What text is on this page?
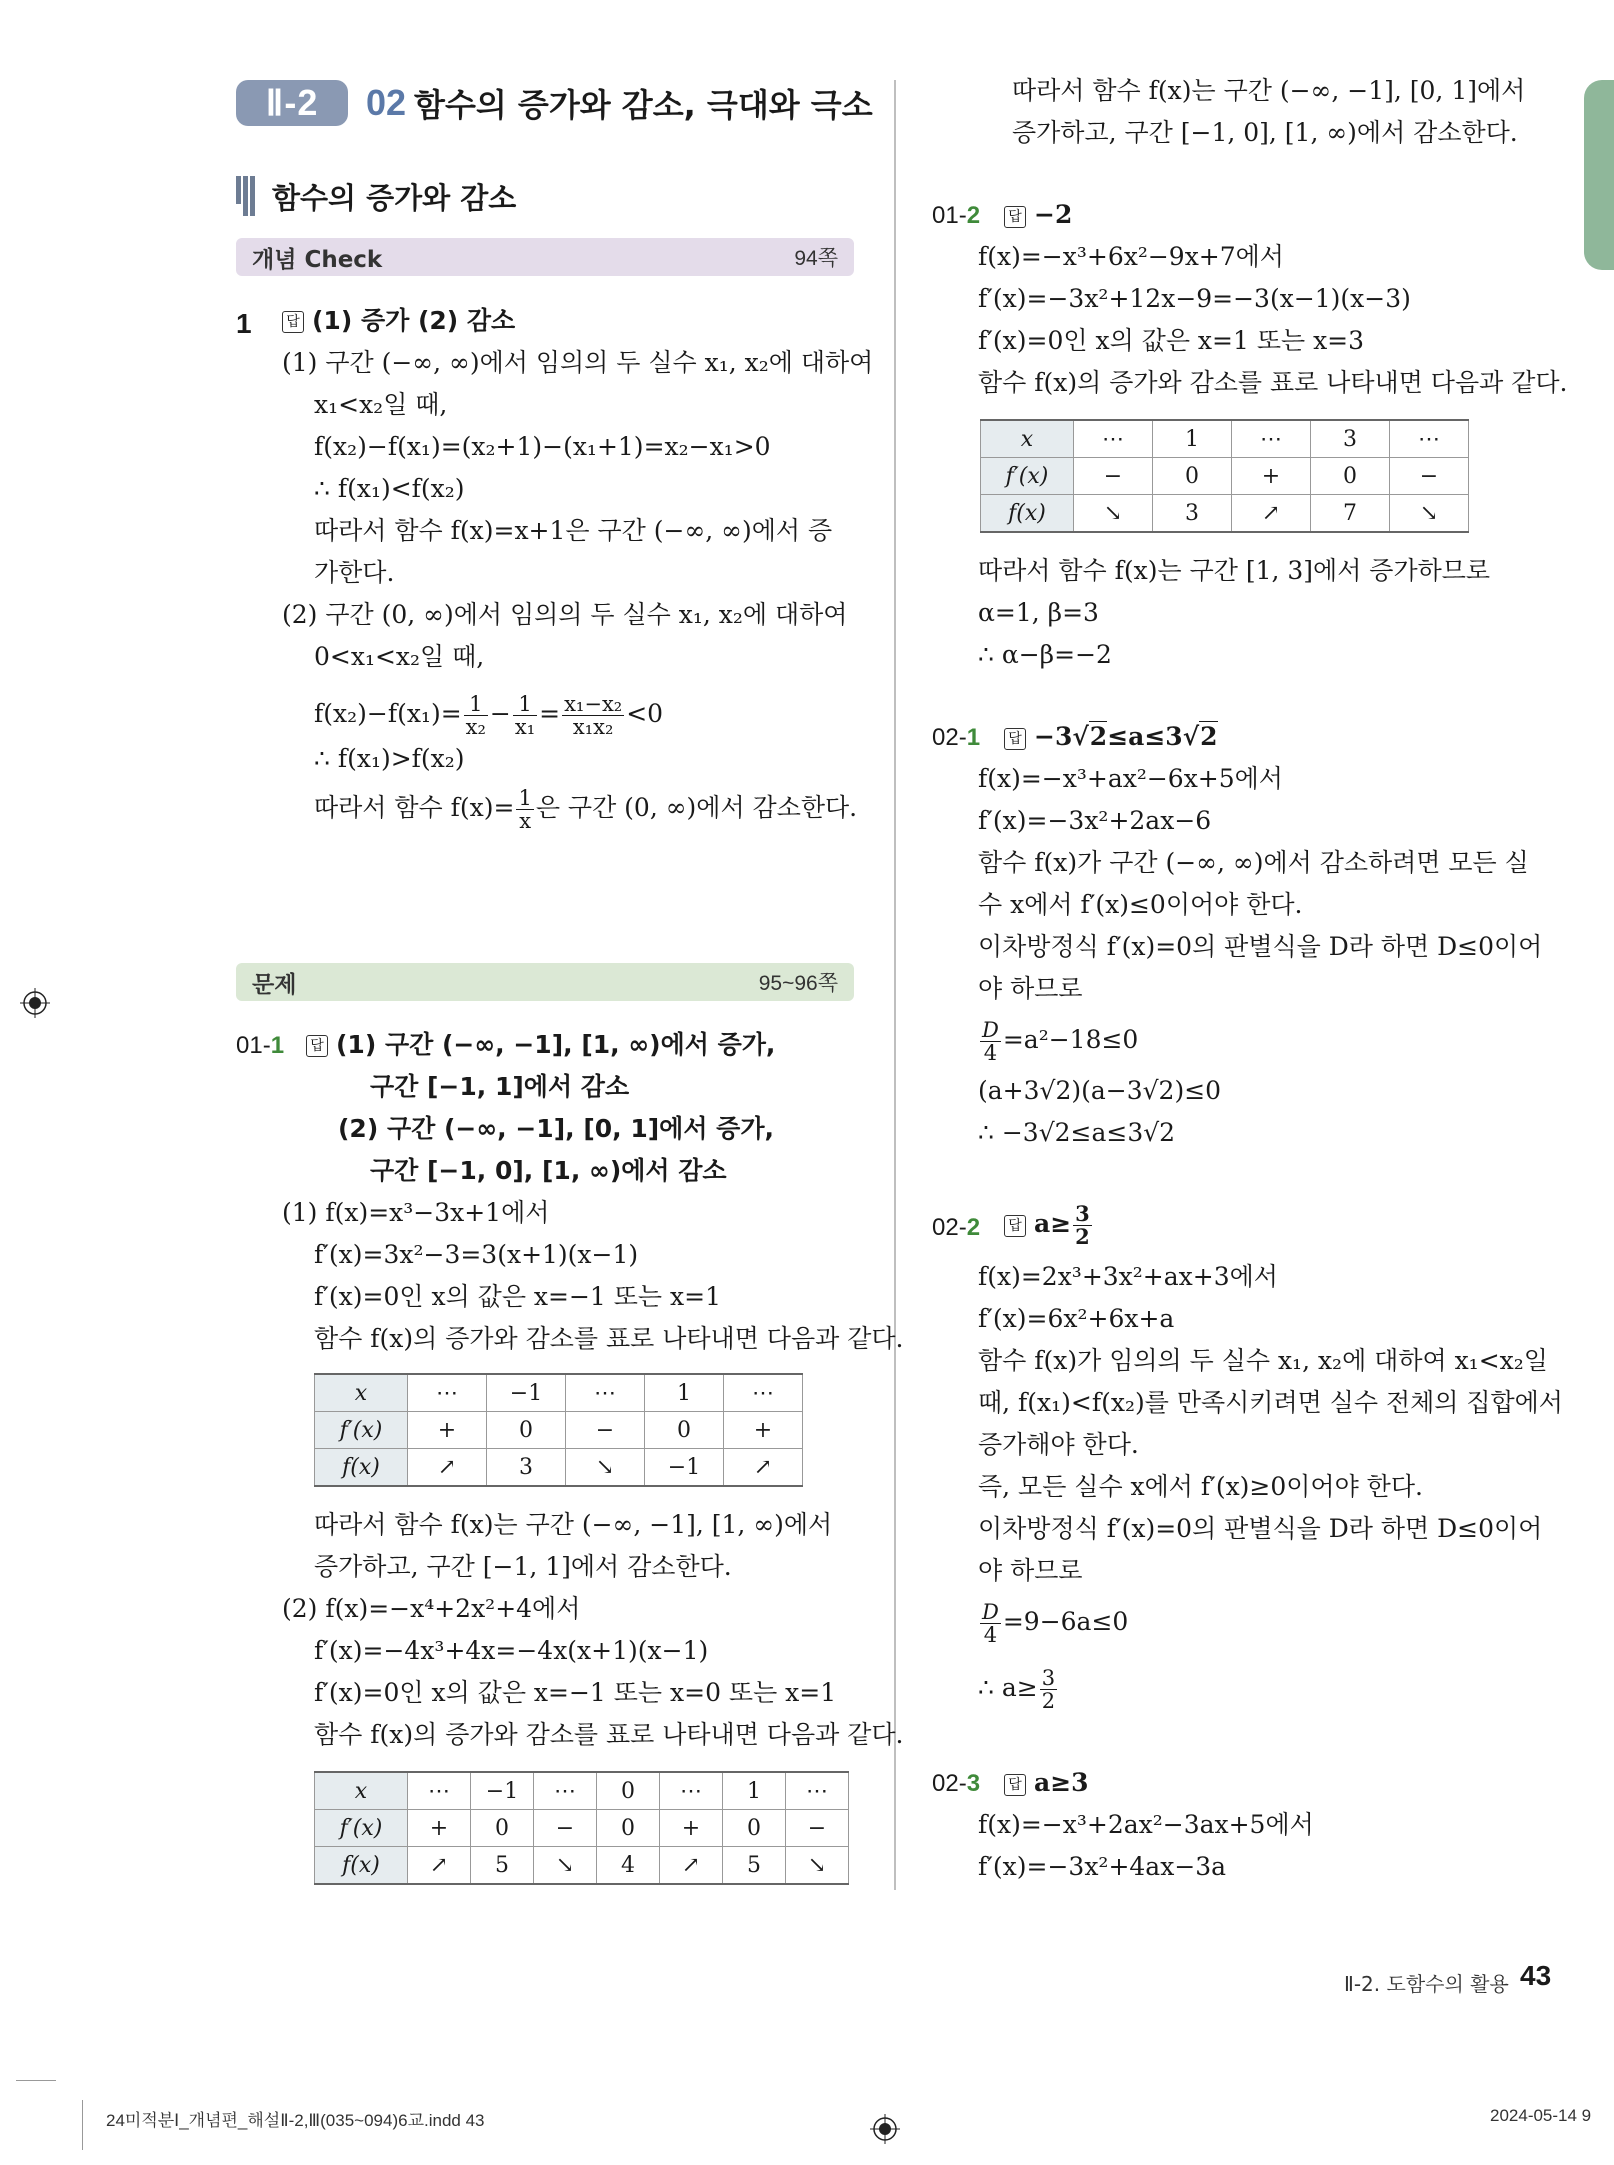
Ⅱ-2	02 함수의 증가와 감소, 극대와 극소
함수의 증가와 감소
개념 Check	94쪽
1	답 (1) 증가 (2) 감소
(1) 구간 (−∞, ∞)에서 임의의 두 실수 x₁, x₂에 대하여
x₁<x₂일 때,
f(x₂)−f(x₁)=(x₂+1)−(x₁+1)=x₂−x₁>0
∴ f(x₁)<f(x₂)
따라서 함수 f(x)=x+1은 구간 (−∞, ∞)에서 증
가한다.
(2) 구간 (0, ∞)에서 임의의 두 실수 x₁, x₂에 대하여
0<x₁<x₂일 때,
$f(x_2)-f(x_1)= \frac{1}{\text{x₂}} - \frac{1}{\text{x₁}} = \frac{\text{x₁−x₂}}{\text{x₁x₂}} <0$
∴ f(x₁)>f(x₂)
따라서 함수 $f(x)= \frac{1}{x}$ 은 구간 (0, ∞)에서 감소한다.
문제	95~96쪽
01-1	답 (1) 구간 (−∞, −1], [1, ∞)에서 증가,
구간 [−1, 1]에서 감소
(2) 구간 (−∞, −1], [0, 1]에서 증가,
구간 [−1, 0], [1, ∞)에서 감소
(1) f(x)=x³−3x+1에서
f′(x)=3x²−3=3(x+1)(x−1)
f′(x)=0인 x의 값은 x=−1 또는 x=1
함수 f(x)의 증가와 감소를 표로 나타내면 다음과 같다.
x	⋯	−1	⋯	1	⋯
f′(x)	+	0	−	0	+
f(x)	↗	3	↘	−1	↗
따라서 함수 f(x)는 구간 (−∞, −1], [1, ∞)에서
증가하고, 구간 [−1, 1]에서 감소한다.
(2) f(x)=−x⁴+2x²+4에서
f′(x)=−4x³+4x=−4x(x+1)(x−1)
f′(x)=0인 x의 값은 x=−1 또는 x=0 또는 x=1
함수 f(x)의 증가와 감소를 표로 나타내면 다음과 같다.
x	⋯	−1	⋯	0	⋯	1	⋯
f′(x)	+	0	−	0	+	0	−
f(x)	↗	5	↘	4	↗	5	↘
따라서 함수 f(x)는 구간 (−∞, −1], [0, 1]에서
증가하고, 구간 [−1, 0], [1, ∞)에서 감소한다.
01-2	답 −2
f(x)=−x³+6x²−9x+7에서
f′(x)=−3x²+12x−9=−3(x−1)(x−3)
f′(x)=0인 x의 값은 x=1 또는 x=3
함수 f(x)의 증가와 감소를 표로 나타내면 다음과 같다.
x	⋯	1	⋯	3	⋯
f′(x)	−	0	+	0	−
f(x)	↘	3	↗	7	↘
따라서 함수 f(x)는 구간 [1, 3]에서 증가하므로
α=1, β=3
∴ α−β=−2
02-1	답 −3√2≤a≤3√2
f(x)=−x³+ax²−6x+5에서
f′(x)=−3x²+2ax−6
함수 f(x)가 구간 (−∞, ∞)에서 감소하려면 모든 실
수 x에서 f′(x)≤0이어야 한다.
이차방정식 f′(x)=0의 판별식을 D라 하면 D≤0이어
야 하므로
$\frac{D}{4} =a^2-18\le 0$
(a+3√2)(a−3√2)≤0
∴ −3√2≤a≤3√2
02-2	답 $a\ge \frac{3}{2}$
f(x)=2x³+3x²+ax+3에서
f′(x)=6x²+6x+a
함수 f(x)가 임의의 두 실수 x₁, x₂에 대하여 x₁<x₂일
때, f(x₁)<f(x₂)를 만족시키려면 실수 전체의 집합에서
증가해야 한다.
즉, 모든 실수 x에서 f′(x)≥0이어야 한다.
이차방정식 f′(x)=0의 판별식을 D라 하면 D≤0이어
야 하므로
$\frac{D}{4} =9-6a\le 0$
∴ $a\ge \frac{3}{2}$
02-3	답 a≥3
f(x)=−x³+2ax²−3ax+5에서
f′(x)=−3x²+4ax−3a
Ⅱ-2. 도함수의 활용 43
24미적분Ⅰ_개념편_해설Ⅱ-2,Ⅲ(035~094)6교.indd 43	2024-05-14 9
